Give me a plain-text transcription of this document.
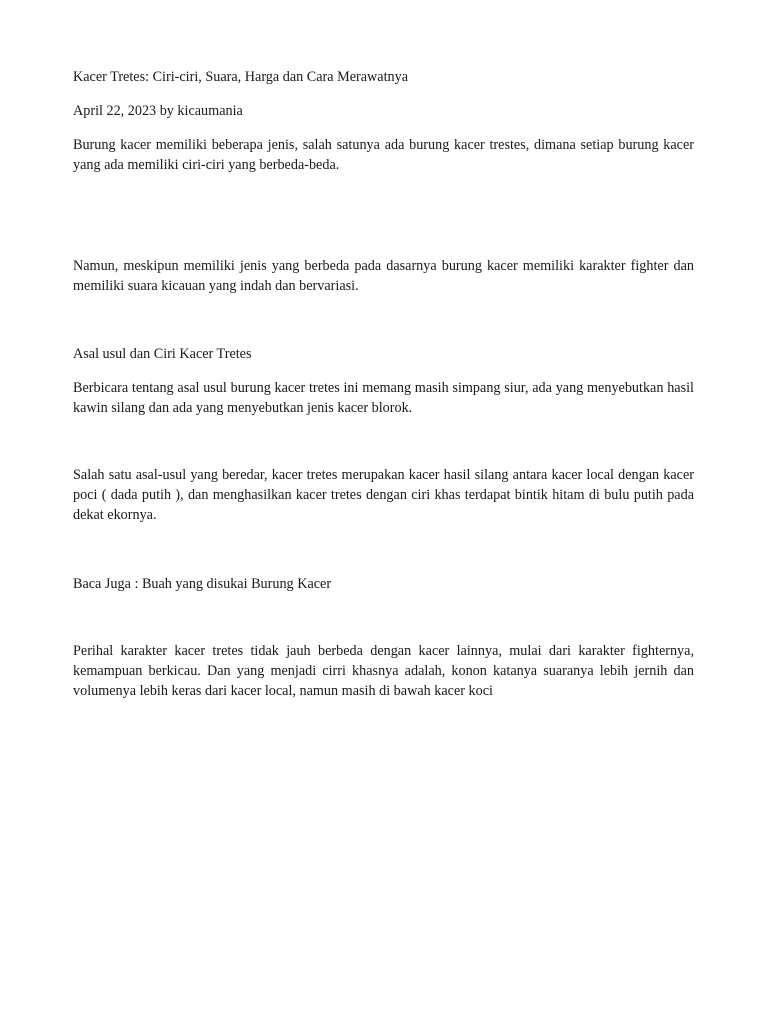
Kacer Tretes: Ciri-ciri, Suara, Harga dan Cara Merawatnya

April 22, 2023 by kicaumania

Burung kacer memiliki beberapa jenis, salah satunya ada burung kacer trestes, dimana setiap burung kacer yang ada memiliki ciri-ciri yang berbeda-beda.

Namun, meskipun memiliki jenis yang berbeda pada dasarnya burung kacer memiliki karakter fighter dan memiliki suara kicauan yang indah dan bervariasi.

Asal usul dan Ciri Kacer Tretes

Berbicara tentang asal usul burung kacer tretes ini memang masih simpang siur, ada yang menyebutkan hasil kawin silang dan ada yang menyebutkan jenis kacer blorok.

Salah satu asal-usul yang beredar, kacer tretes merupakan kacer hasil silang antara kacer local dengan kacer poci ( dada putih ), dan menghasilkan kacer tretes dengan ciri khas terdapat bintik hitam di bulu putih pada dekat ekornya.

Baca Juga : Buah yang disukai Burung Kacer

Perihal karakter kacer tretes tidak jauh berbeda dengan kacer lainnya, mulai dari karakter fighternya, kemampuan berkicau. Dan yang menjadi cirri khasnya adalah, konon katanya suaranya lebih jernih dan volumenya lebih keras dari kacer local, namun masih di bawah kacer koci
